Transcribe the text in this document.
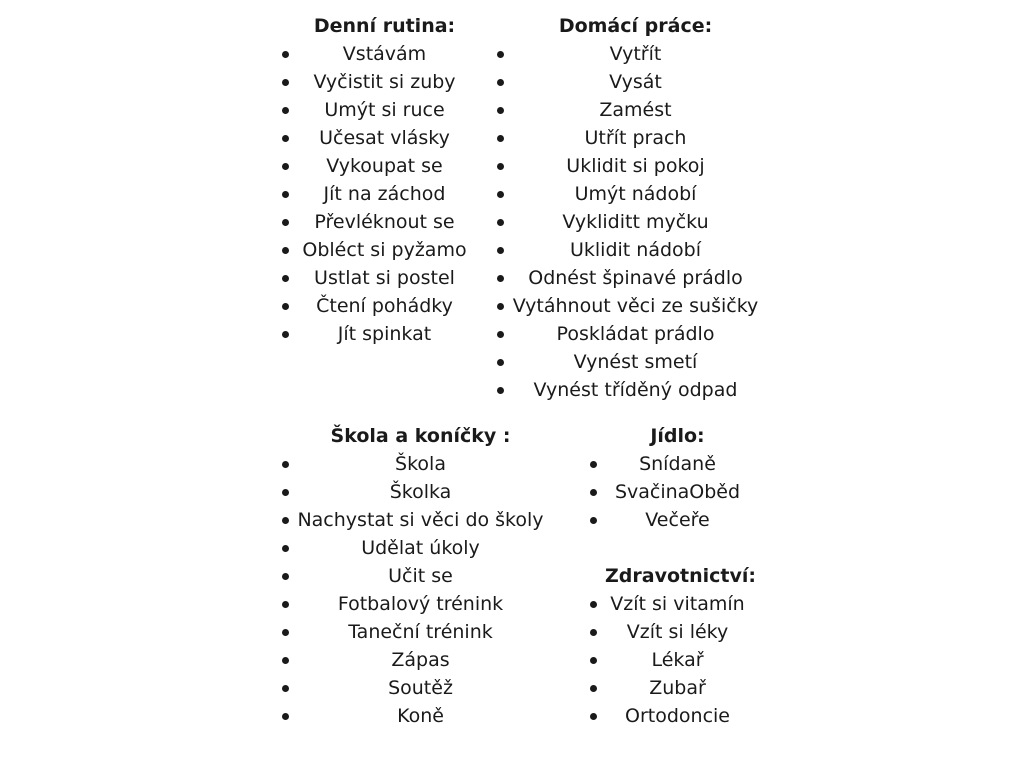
Denní rutina:
Vstávám
Vyčistit si zuby
Umýt si ruce
Učesat vlásky
Vykoupat se
Jít na záchod
Převléknout se
Obléct si pyžamo
Ustlat si postel
Čtení pohádky
Jít spinkat
Domácí práce:
Vytřít
Vysát
Zamést
Utřít prach
Uklidit si pokoj
Umýt nádobí
Vykliditt myčku
Uklidit nádobí
Odnést špinavé prádlo
Vytáhnout věci ze sušičky
Poskládat prádlo
Vynést smetí
Vynést tříděný odpad
Škola a koníčky :
Škola
Školka
Nachystat si věci do školy
Udělat úkoly
Učit se
Fotbalový trénink
Taneční trénink
Zápas
Soutěž
Koně
Jídlo:
Snídaně
SvačinaOběd
Večeře
Zdravotnictví:
Vzít si vitamín
Vzít si léky
Lékař
Zubař
Ortodoncie
